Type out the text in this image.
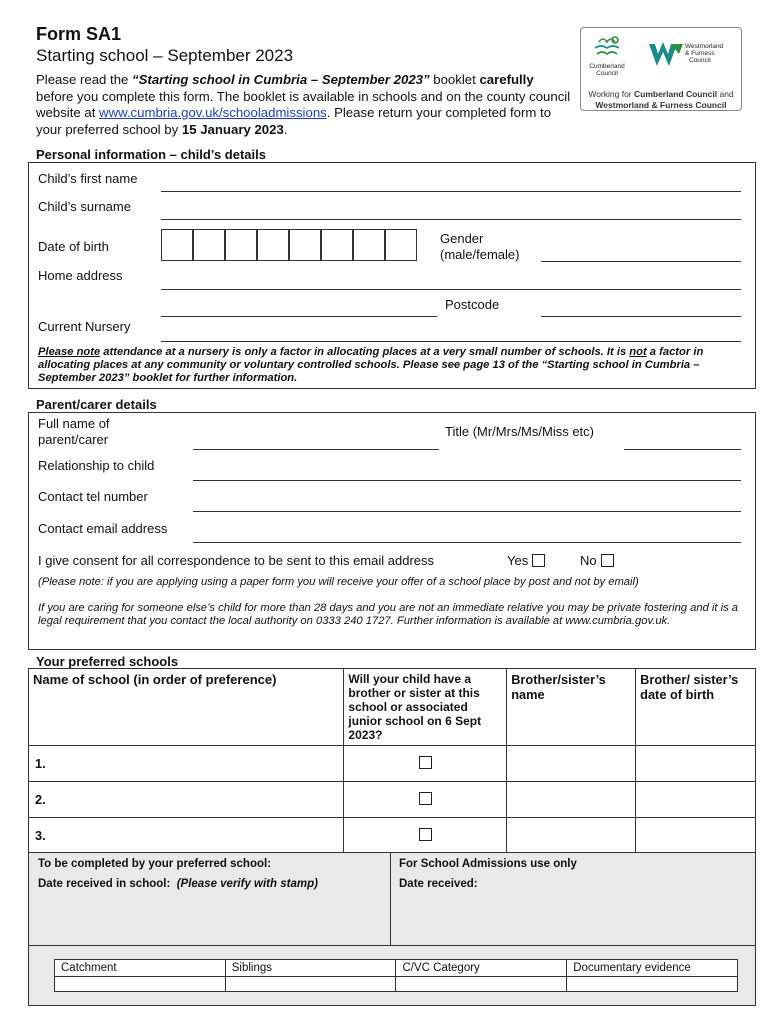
Form SA1
Starting school – September 2023
Please read the “Starting school in Cumbria – September 2023” booklet carefully before you complete this form. The booklet is available in schools and on the county council website at www.cumbria.gov.uk/schooladmissions. Please return your completed form to your preferred school by 15 January 2023.
Cumberland
Council
Westmorland
& Furness
Council
Working for Cumberland Council and
Westmorland & Furness Council
Personal information – child’s details
Child’s first name
Child’s surname
Date of birth
Gender
(male/female)
Home address
Postcode
Current Nursery
Please note attendance at a nursery is only a factor in allocating places at a very small number of schools. It is not a factor in allocating places at any community or voluntary controlled schools. Please see page 13 of the “Starting school in Cumbria – September 2023” booklet for further information.
Parent/carer details
Full name of
parent/carer
Title (Mr/Mrs/Ms/Miss etc)
Relationship to child
Contact tel number
Contact email address
I give consent for all correspondence to be sent to this email address	Yes	No
(Please note: if you are applying using a paper form you will receive your offer of a school place by post and not by email)
If you are caring for someone else’s child for more than 28 days and you are not an immediate relative you may be private fostering and it is a legal requirement that you contact the local authority on 0333 240 1727. Further information is available at www.cumbria.gov.uk.
Your preferred schools
Name of school (in order of preference)	Will your child have a brother or sister at this school or associated junior school on 6 Sept 2023?	Brother/sister’s name	Brother/ sister’s date of birth
1.			
2.			
3.			
To be completed by your preferred school:
Date received in school: (Please verify with stamp)
For School Admissions use only
Date received:
Catchment	Siblings	C/VC Category	Documentary evidence
